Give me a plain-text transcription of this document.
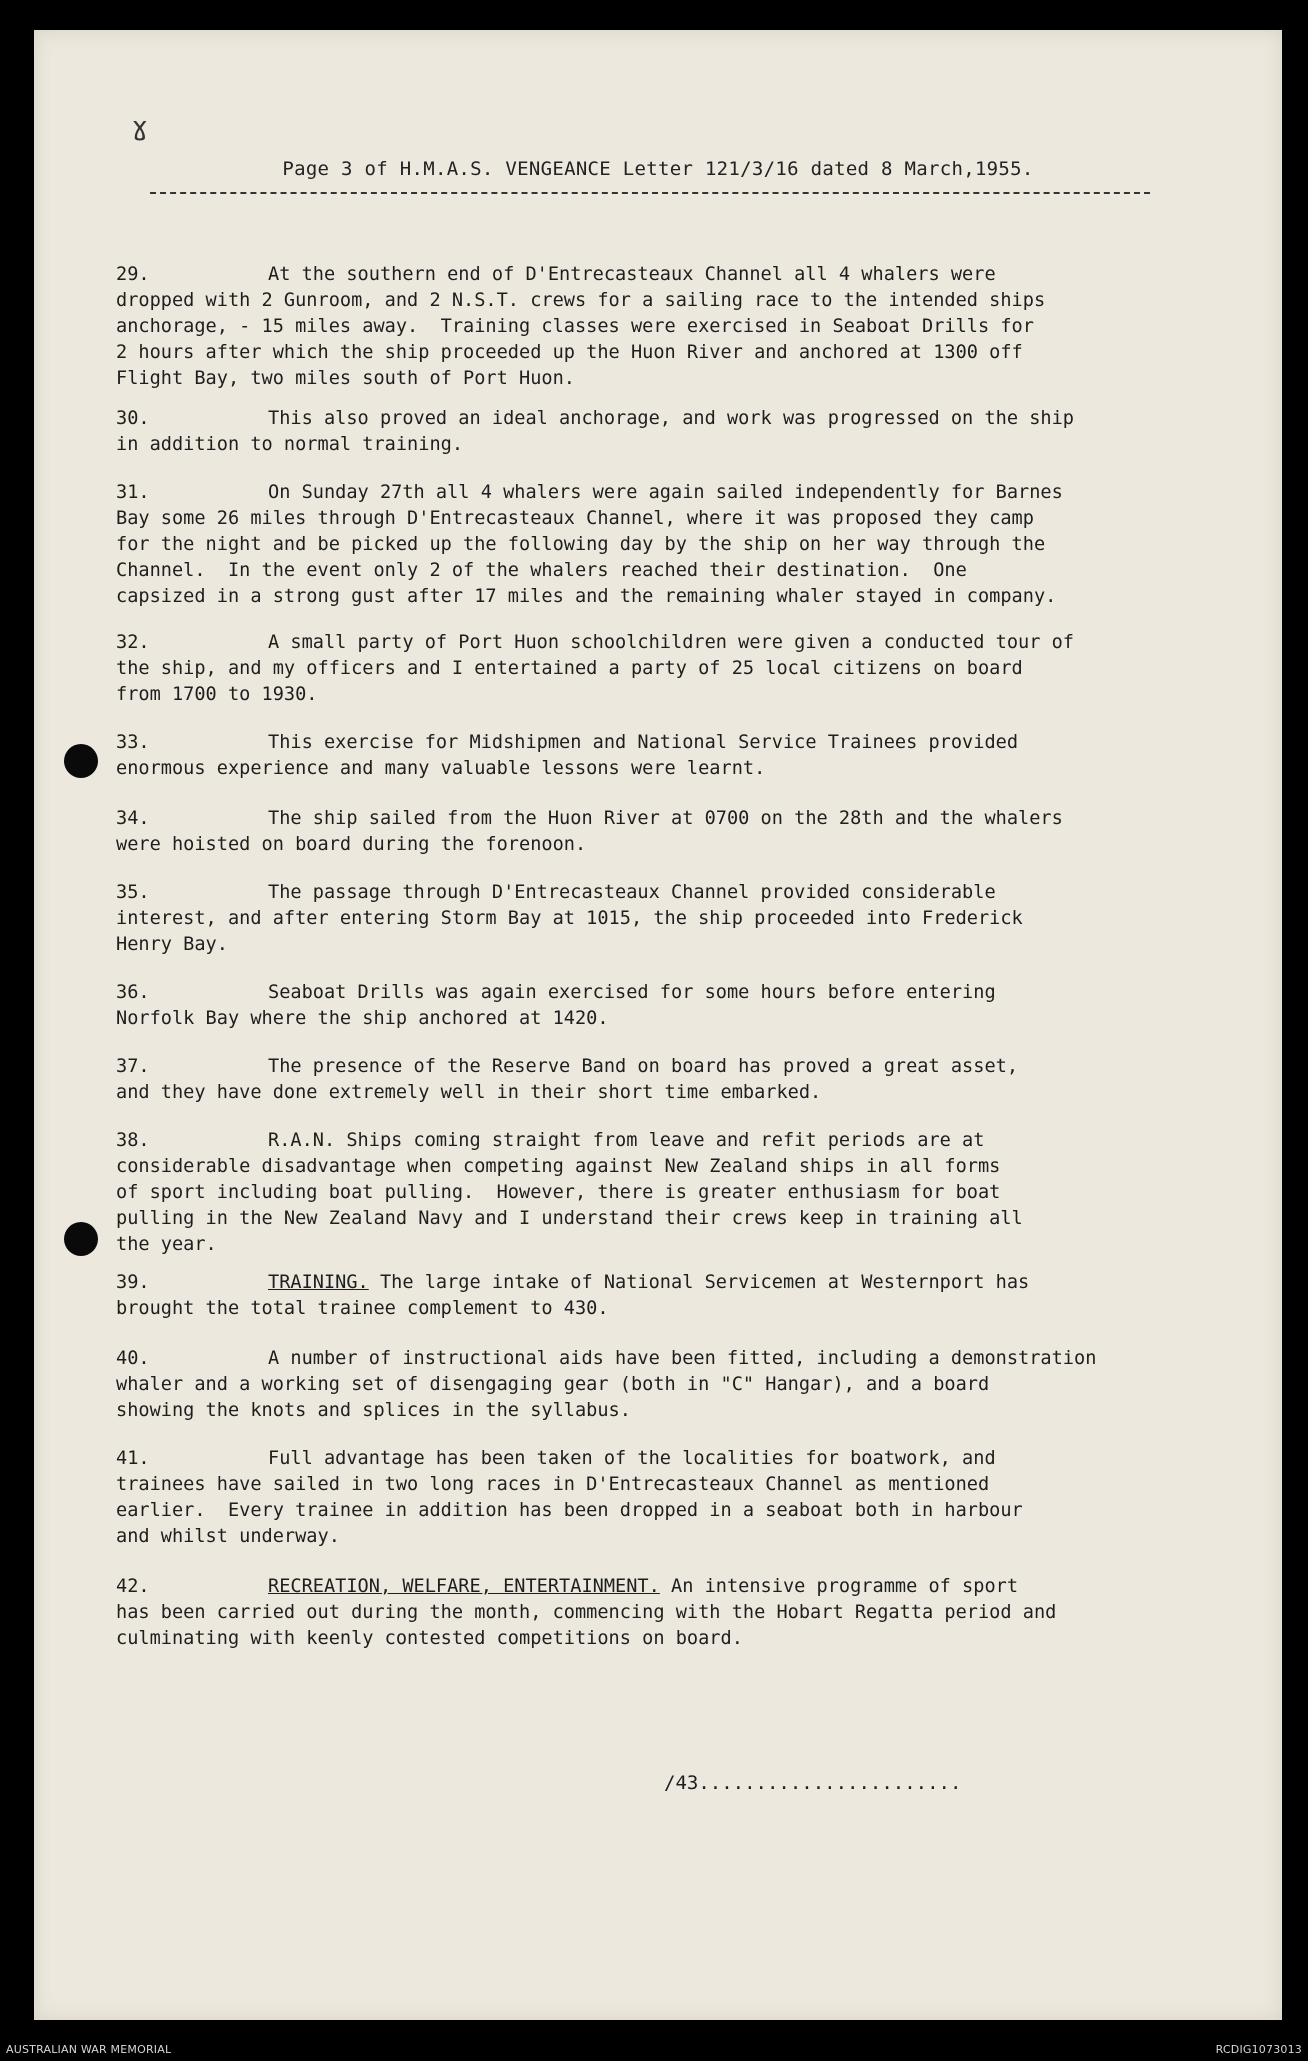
ɣ
Page 3 of H.M.A.S. VENGEANCE Letter 121/3/16 dated 8 March,1955.

29.	At the southern end of D'Entrecasteaux Channel all 4 whalers were
dropped with 2 Gunroom, and 2 N.S.T. crews for a sailing race to the intended ships
anchorage, - 15 miles away.  Training classes were exercised in Seaboat Drills for
2 hours after which the ship proceeded up the Huon River and anchored at 1300 off
Flight Bay, two miles south of Port Huon.

30.	This also proved an ideal anchorage, and work was progressed on the ship
in addition to normal training.

31.	On Sunday 27th all 4 whalers were again sailed independently for Barnes
Bay some 26 miles through D'Entrecasteaux Channel, where it was proposed they camp
for the night and be picked up the following day by the ship on her way through the
Channel.  In the event only 2 of the whalers reached their destination.  One
capsized in a strong gust after 17 miles and the remaining whaler stayed in company.

32.	A small party of Port Huon schoolchildren were given a conducted tour of
the ship, and my officers and I entertained a party of 25 local citizens on board
from 1700 to 1930.

33.	This exercise for Midshipmen and National Service Trainees provided
enormous experience and many valuable lessons were learnt.

34.	The ship sailed from the Huon River at 0700 on the 28th and the whalers
were hoisted on board during the forenoon.

35.	The passage through D'Entrecasteaux Channel provided considerable
interest, and after entering Storm Bay at 1015, the ship proceeded into Frederick
Henry Bay.

36.	Seaboat Drills was again exercised for some hours before entering
Norfolk Bay where the ship anchored at 1420.

37.	The presence of the Reserve Band on board has proved a great asset,
and they have done extremely well in their short time embarked.

38.	R.A.N. Ships coming straight from leave and refit periods are at
considerable disadvantage when competing against New Zealand ships in all forms
of sport including boat pulling.  However, there is greater enthusiasm for boat
pulling in the New Zealand Navy and I understand their crews keep in training all
the year.

39.	TRAINING. The large intake of National Servicemen at Westernport has
brought the total trainee complement to 430.

40.	A number of instructional aids have been fitted, including a demonstration
whaler and a working set of disengaging gear (both in "C" Hangar), and a board
showing the knots and splices in the syllabus.

41.	Full advantage has been taken of the localities for boatwork, and
trainees have sailed in two long races in D'Entrecasteaux Channel as mentioned
earlier.  Every trainee in addition has been dropped in a seaboat both in harbour
and whilst underway.

42.	RECREATION, WELFARE, ENTERTAINMENT. An intensive programme of sport
has been carried out during the month, commencing with the Hobart Regatta period and
culminating with keenly contested competitions on board.

/43.......................
AUSTRALIAN WAR MEMORIAL	RCDIG1073013
